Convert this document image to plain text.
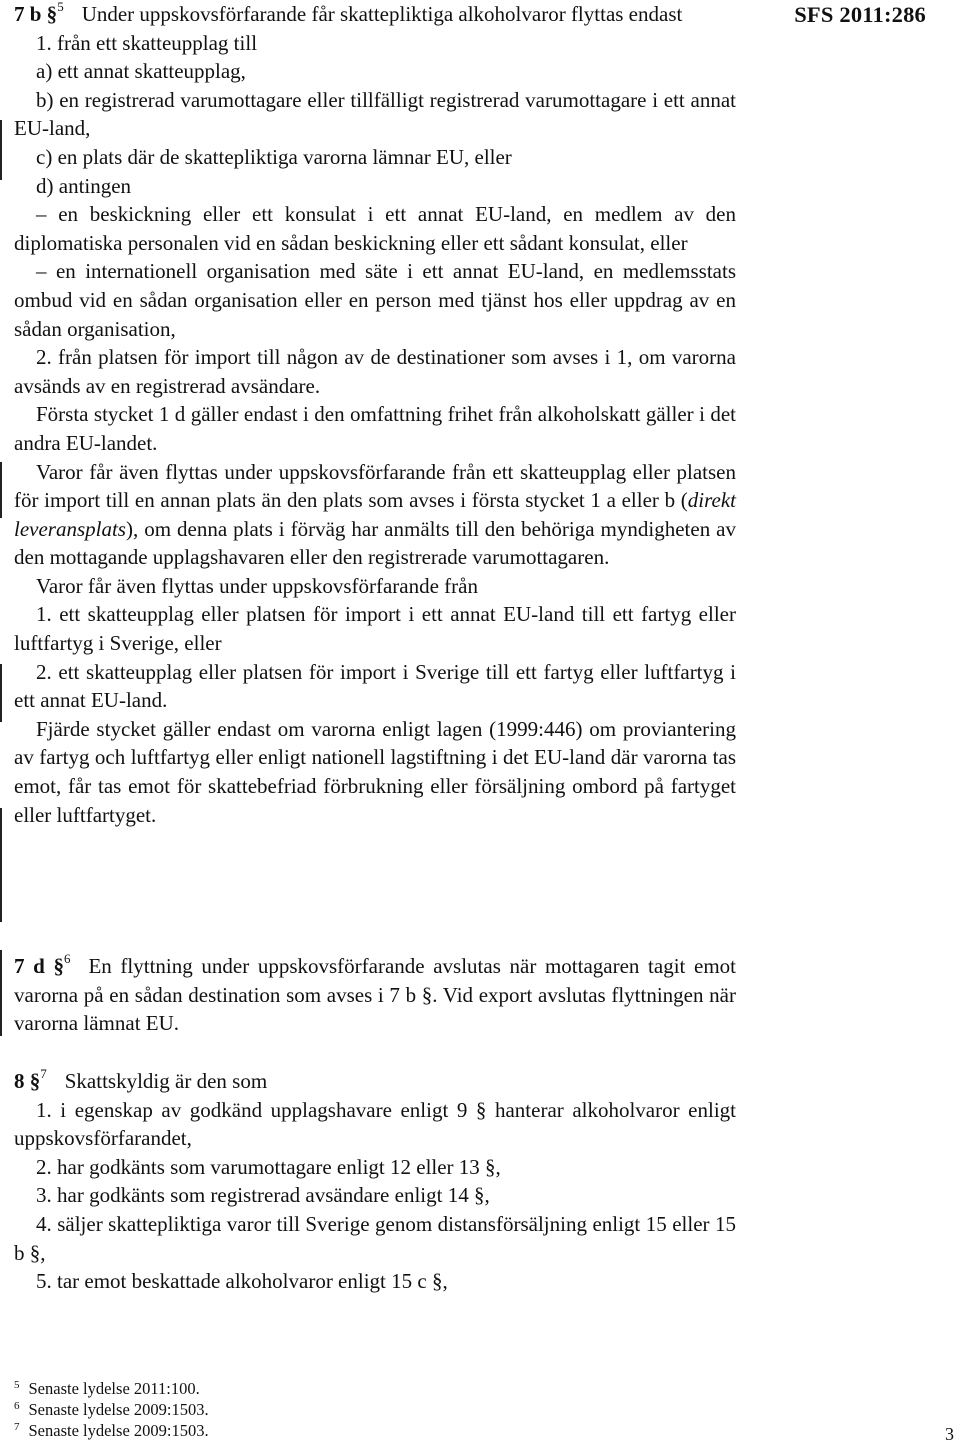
SFS 2011:286

7 b §$^5$ Under uppskovsförfarande får skattepliktiga alkoholvaror flyttas endast

1. från ett skatteupplag till

a) ett annat skatteupplag,

b) en registrerad varumottagare eller tillfälligt registrerad varumottagare i ett annat EU-land,

c) en plats där de skattepliktiga varorna lämnar EU, eller

d) antingen

– en beskickning eller ett konsulat i ett annat EU-land, en medlem av den diplomatiska personalen vid en sådan beskickning eller ett sådant konsulat, eller

– en internationell organisation med säte i ett annat EU-land, en medlemsstats ombud vid en sådan organisation eller en person med tjänst hos eller uppdrag av en sådan organisation,

2. från platsen för import till någon av de destinationer som avses i 1, om varorna avsänds av en registrerad avsändare.

Första stycket 1 d gäller endast i den omfattning frihet från alkoholskatt gäller i det andra EU-landet.

Varor får även flyttas under uppskovsförfarande från ett skatteupplag eller platsen för import till en annan plats än den plats som avses i första stycket 1 a eller b (direkt leveransplats), om denna plats i förväg har anmälts till den behöriga myndigheten av den mottagande upplagshavaren eller den registrerade varumottagaren.

Varor får även flyttas under uppskovsförfarande från

1. ett skatteupplag eller platsen för import i ett annat EU-land till ett fartyg eller luftfartyg i Sverige, eller

2. ett skatteupplag eller platsen för import i Sverige till ett fartyg eller luftfartyg i ett annat EU-land.

Fjärde stycket gäller endast om varorna enligt lagen (1999:446) om proviantering av fartyg och luftfartyg eller enligt nationell lagstiftning i det EU-land där varorna tas emot, får tas emot för skattebefriad förbrukning eller försäljning ombord på fartyget eller luftfartyget.

7 d §$^6$ En flyttning under uppskovsförfarande avslutas när mottagaren tagit emot varorna på en sådan destination som avses i 7 b §. Vid export avslutas flyttningen när varorna lämnat EU.

8 §$^7$ Skattskyldig är den som

1. i egenskap av godkänd upplagshavare enligt 9 § hanterar alkoholvaror enligt uppskovsförfarandet,

2. har godkänts som varumottagare enligt 12 eller 13 §,

3. har godkänts som registrerad avsändare enligt 14 §,

4. säljer skattepliktiga varor till Sverige genom distansförsäljning enligt 15 eller 15 b §,

5. tar emot beskattade alkoholvaror enligt 15 c §,

$^5$ Senaste lydelse 2011:100.
$^6$ Senaste lydelse 2009:1503.
$^7$ Senaste lydelse 2009:1503.	3
